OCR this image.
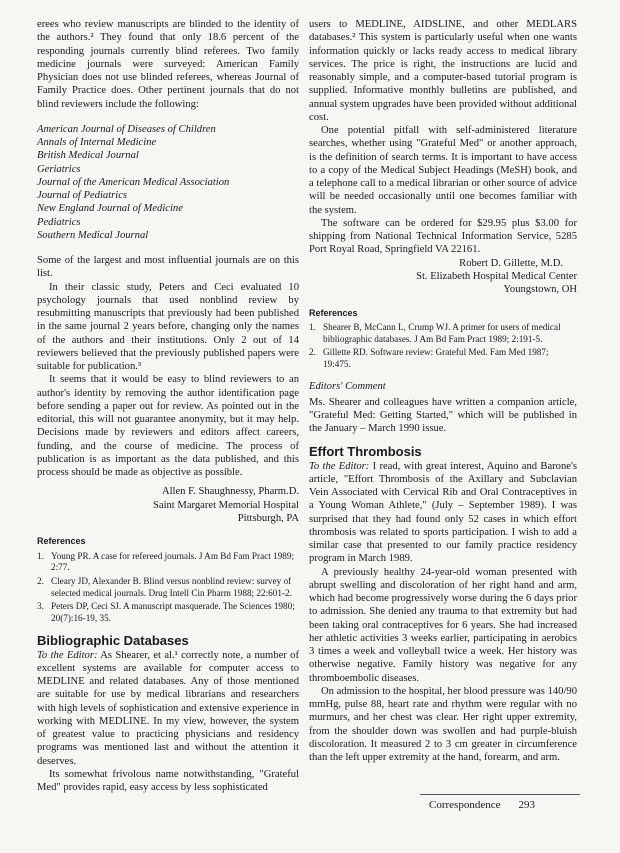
erees who review manuscripts are blinded to the identity of the authors.² They found that only 18.6 percent of the responding journals currently blind referees. Two family medicine journals were surveyed: American Family Physician does not use blinded referees, whereas Journal of Family Practice does. Other pertinent journals that do not blind reviewers include the following:

American Journal of Diseases of Children
Annals of Internal Medicine
British Medical Journal
Geriatrics
Journal of the American Medical Association
Journal of Pediatrics
New England Journal of Medicine
Pediatrics
Southern Medical Journal

Some of the largest and most influential journals are on this list.

In their classic study, Peters and Ceci evaluated 10 psychology journals that used nonblind review by resubmitting manuscripts that previously had been published in the same journal 2 years before, changing only the names of the authors and their institutions. Only 2 out of 14 reviewers believed that the previously published papers were suitable for publication.³

It seems that it would be easy to blind reviewers to an author's identity by removing the author identification page before sending a paper out for review. As pointed out in the editorial, this will not guarantee anonymity, but it may help. Decisions made by reviewers and editors affect careers, funding, and the course of medicine. The process of publication is as important as the data published, and this process should be made as objective as possible.

Allen F. Shaughnessy, Pharm.D.
Saint Margaret Memorial Hospital
Pittsburgh, PA
References
1. Young PR. A case for refereed journals. J Am Bd Fam Pract 1989; 2:77.
2. Cleary JD, Alexander B. Blind versus nonblind review: survey of selected medical journals. Drug Intell Cin Pharm 1988; 22:601-2.
3. Peters DP, Ceci SJ. A manuscript masquerade. The Sciences 1980; 20(7):16-19, 35.
Bibliographic Databases

To the Editor: As Shearer, et al.¹ correctly note, a number of excellent systems are available for computer access to MEDLINE and related databases. Any of those mentioned are suitable for use by medical librarians and researchers with high levels of sophistication and extensive experience in working with MEDLINE. In my view, however, the system of greatest value to practicing physicians and residency programs was mentioned last and without the attention it deserves.

Its somewhat frivolous name notwithstanding, "Grateful Med" provides rapid, easy access by less sophisticated

users to MEDLINE, AIDSLINE, and other MEDLARS databases.² This system is particularly useful when one wants information quickly or lacks ready access to medical library services. The price is right, the instructions are lucid and reasonably simple, and a computer-based tutorial program is supplied. Informative monthly bulletins are published, and annual system upgrades have been provided without additional cost.

One potential pitfall with self-administered literature searches, whether using "Grateful Med" or another approach, is the definition of search terms. It is important to have access to a copy of the Medical Subject Headings (MeSH) book, and a telephone call to a medical librarian or other source of advice will be needed occasionally until one becomes familiar with the system.

The software can be ordered for $29.95 plus $3.00 for shipping from National Technical Information Service, 5285 Port Royal Road, Springfield VA 22161.

Robert D. Gillette, M.D.
St. Elizabeth Hospital Medical Center
Youngstown, OH
References
1. Shearer B, McCann L, Crump WJ. A primer for users of medical bibliographic databases. J Am Bd Fam Pract 1989; 2:191-5.
2. Gillette RD. Software review: Grateful Med. Fam Med 1987; 19:475.
Editors' Comment

Ms. Shearer and colleagues have written a companion article, "Grateful Med: Getting Started," which will be published in the January – March 1990 issue.

Effort Thrombosis

To the Editor: I read, with great interest, Aquino and Barone's article, "Effort Thrombosis of the Axillary and Subclavian Vein Associated with Cervical Rib and Oral Contraceptives in a Young Woman Athlete," (July – September 1989). I was surprised that they had found only 52 cases in which effort thrombosis was related to sports participation. I wish to add a similar case that presented to our family practice residency program in March 1989.

A previously healthy 24-year-old woman presented with abrupt swelling and discoloration of her right hand and arm, which had become progressively worse during the 6 days prior to admission. She denied any trauma to that extremity but had been taking oral contraceptives for 6 years. She had increased her athletic activities 3 weeks earlier, participating in aerobics 3 times a week and volleyball twice a week. Her history was otherwise negative. Family history was negative for any thromboembolic diseases.

On admission to the hospital, her blood pressure was 140/90 mmHg, pulse 88, heart rate and rhythm were regular with no murmurs, and her chest was clear. Her right upper extremity, from the shoulder down was swollen and had purple-bluish discoloration. It measured 2 to 3 cm greater in circumference than the left upper extremity at the hand, forearm, and arm.

Correspondence 293
